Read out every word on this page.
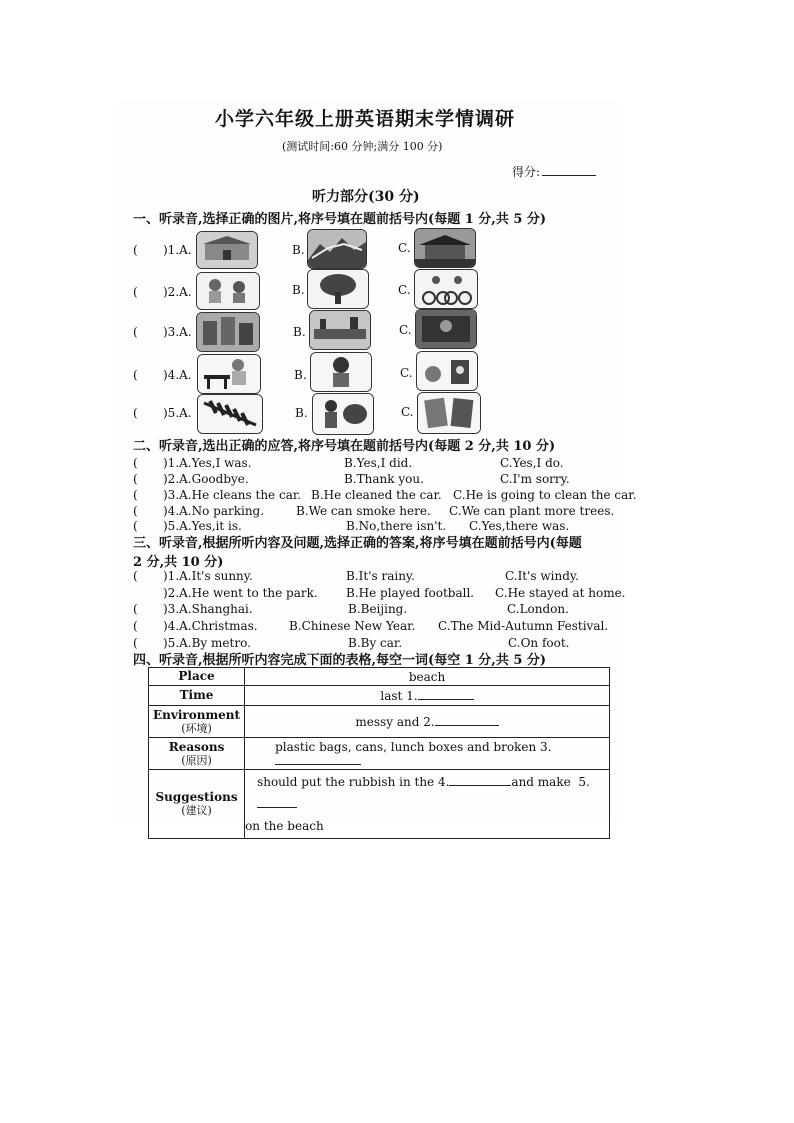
小学六年级上册英语期末学情调研
(测试时间:60 分钟;满分 100 分)
得分:
听力部分(30 分)
一、听录音,选择正确的图片,将序号填在题前括号内(每题 1 分,共 5 分)
( )1.A.	B.	C.
( )2.A.	B.	C.
( )3.A.	B.	C.
( )4.A.	B.	C.
( )5.A.	B.	C.
二、听录音,选出正确的应答,将序号填在题前括号内(每题 2 分,共 10 分)
( )1.A.Yes,I was.	B.Yes,I did.	C.Yes,I do.
( )2.A.Goodbye.	B.Thank you.	C.I'm sorry.
( )3.A.He cleans the car. B.He cleaned the car. C.He is going to clean the car.
( )4.A.No parking.	B.We can smoke here. C.We can plant more trees.
( )5.A.Yes,it is.	B.No,there isn't. C.Yes,there was.
三、听录音,根据所听内容及问题,选择正确的答案,将序号填在题前括号内(每题
2 分,共 10 分)
( )1.A.It's sunny.	B.It's rainy.	C.It's windy.
)2.A.He went to the park. B.He played football. C.He stayed at home.
( )3.A.Shanghai.	B.Beijing.	C.London.
( )4.A.Christmas.	B.Chinese New Year. C.The Mid-Autumn Festival.
( )5.A.By metro.	B.By car.	C.On foot.
四、听录音,根据所听内容完成下面的表格,每空一词(每空 1 分,共 5 分)
Place	beach
Time	last 1.
Environment
(环境)	messy and 2.
Reasons
(原因)	plastic bags, cans, lunch boxes and broken 3.
Suggestions
(建议)	should put the rubbish in the 4. and make 5.
on the beach
